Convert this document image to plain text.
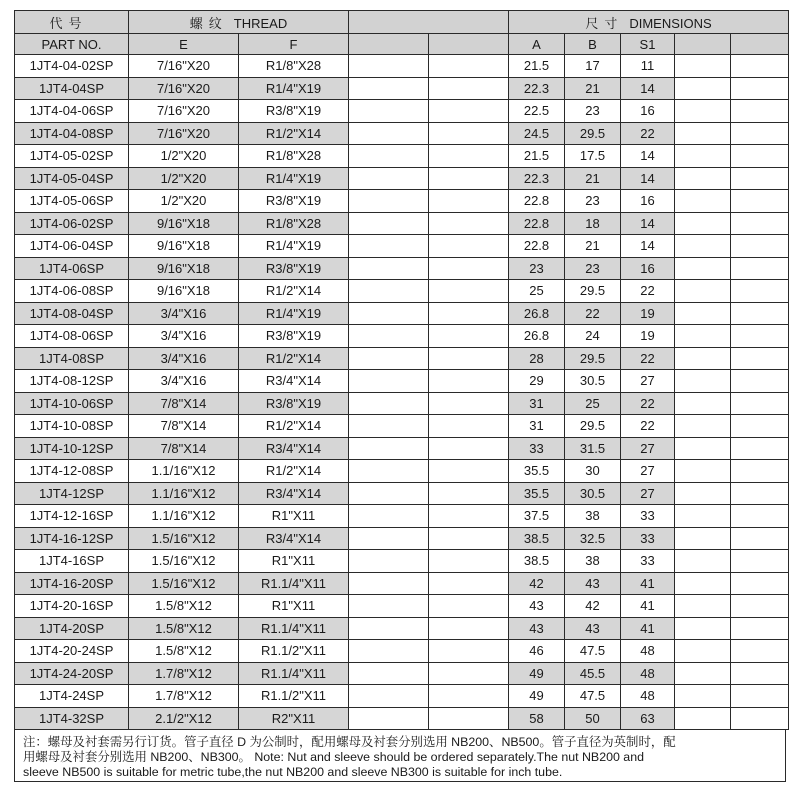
代号	螺纹 THREAD				尺寸 DIMENSIONS				
PART NO.	E	F			A	B	S1		
1JT4-04-02SP	7/16"X20	R1/8"X28			21.5	17	11		
1JT4-04SP	7/16"X20	R1/4"X19			22.3	21	14		
1JT4-04-06SP	7/16"X20	R3/8"X19			22.5	23	16		
1JT4-04-08SP	7/16"X20	R1/2"X14			24.5	29.5	22		
1JT4-05-02SP	1/2"X20	R1/8"X28			21.5	17.5	14		
1JT4-05-04SP	1/2"X20	R1/4"X19			22.3	21	14		
1JT4-05-06SP	1/2"X20	R3/8"X19			22.8	23	16		
1JT4-06-02SP	9/16"X18	R1/8"X28			22.8	18	14		
1JT4-06-04SP	9/16"X18	R1/4"X19			22.8	21	14		
1JT4-06SP	9/16"X18	R3/8"X19			23	23	16		
1JT4-06-08SP	9/16"X18	R1/2"X14			25	29.5	22		
1JT4-08-04SP	3/4"X16	R1/4"X19			26.8	22	19		
1JT4-08-06SP	3/4"X16	R3/8"X19			26.8	24	19		
1JT4-08SP	3/4"X16	R1/2"X14			28	29.5	22		
1JT4-08-12SP	3/4"X16	R3/4"X14			29	30.5	27		
1JT4-10-06SP	7/8"X14	R3/8"X19			31	25	22		
1JT4-10-08SP	7/8"X14	R1/2"X14			31	29.5	22		
1JT4-10-12SP	7/8"X14	R3/4"X14			33	31.5	27		
1JT4-12-08SP	1.1/16"X12	R1/2"X14			35.5	30	27		
1JT4-12SP	1.1/16"X12	R3/4"X14			35.5	30.5	27		
1JT4-12-16SP	1.1/16"X12	R1"X11			37.5	38	33		
1JT4-16-12SP	1.5/16"X12	R3/4"X14			38.5	32.5	33		
1JT4-16SP	1.5/16"X12	R1"X11			38.5	38	33		
1JT4-16-20SP	1.5/16"X12	R1.1/4"X11			42	43	41		
1JT4-20-16SP	1.5/8"X12	R1"X11			43	42	41		
1JT4-20SP	1.5/8"X12	R1.1/4"X11			43	43	41		
1JT4-20-24SP	1.5/8"X12	R1.1/2"X11			46	47.5	48		
1JT4-24-20SP	1.7/8"X12	R1.1/4"X11			49	45.5	48		
1JT4-24SP	1.7/8"X12	R1.1/2"X11			49	47.5	48		
1JT4-32SP	2.1/2"X12	R2"X11			58	50	63		
注：螺母及衬套需另行订货。管子直径 D 为公制时，配用螺母及衬套分别选用 NB200、NB500。管子直径为英制时，配
用螺母及衬套分别选用 NB200、NB300。 Note: Nut and sleeve should be ordered separately.The nut NB200 and
sleeve NB500 is suitable for metric tube,the nut NB200 and sleeve NB300 is suitable for inch tube.
